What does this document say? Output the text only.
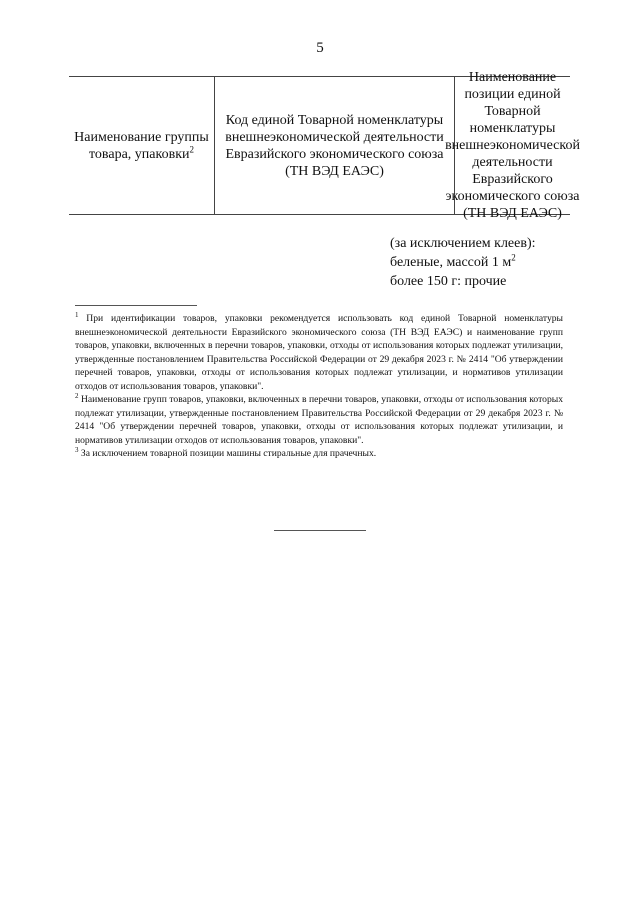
5
Наименование группы товара, упаковки$^2$
Код единой Товарной номенклатуры внешнеэкономической деятельности Евразийского экономического союза (ТН ВЭД ЕАЭС)
Наименование позиции единой Товарной номенклатуры внешнеэкономической деятельности Евразийского экономического союза (ТН ВЭД ЕАЭС)
(за исключением клеев):
беленые, массой 1 $м^2$
более 150 г: прочие
$^1$ При идентификации товаров, упаковки рекомендуется использовать код единой Товарной номенклатуры внешнеэкономической деятельности Евразийского экономического союза (ТН ВЭД ЕАЭС) и наименование групп товаров, упаковки, включенных в перечни товаров, упаковки, отходы от использования которых подлежат утилизации, утвержденные постановлением Правительства Российской Федерации от 29 декабря 2023 г. № 2414 "Об утверждении перечней товаров, упаковки, отходы от использования которых подлежат утилизации, и нормативов утилизации отходов от использования товаров, упаковки".
$^2$ Наименование групп товаров, упаковки, включенных в перечни товаров, упаковки, отходы от использования которых подлежат утилизации, утвержденные постановлением Правительства Российской Федерации от 29 декабря 2023 г. № 2414 "Об утверждении перечней товаров, упаковки, отходы от использования которых подлежат утилизации, и нормативов утилизации отходов от использования товаров, упаковки".
$^3$ За исключением товарной позиции машины стиральные для прачечных.
